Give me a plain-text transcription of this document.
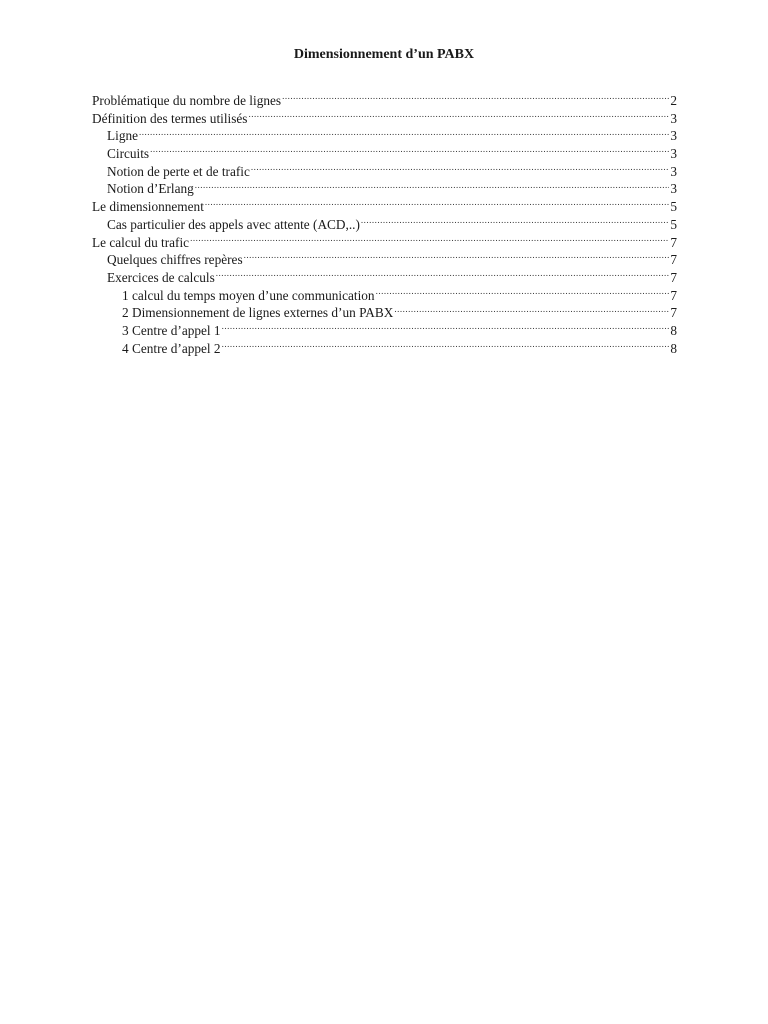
Dimensionnement d’un PABX
Problématique du nombre de lignes .....	2
Définition des termes utilisés .....	3
Ligne .....	3
Circuits .....	3
Notion de perte et de trafic .....	3
Notion d’Erlang .....	3
Le dimensionnement .....	5
Cas particulier des appels avec attente (ACD,..) .....	5
Le calcul du trafic .....	7
Quelques chiffres repères .....	7
Exercices de calculs .....	7
1 calcul du temps moyen d’une communication .....	7
2 Dimensionnement de lignes externes d’un PABX .....	7
3 Centre d’appel 1 .....	8
4 Centre d’appel 2 .....	8
